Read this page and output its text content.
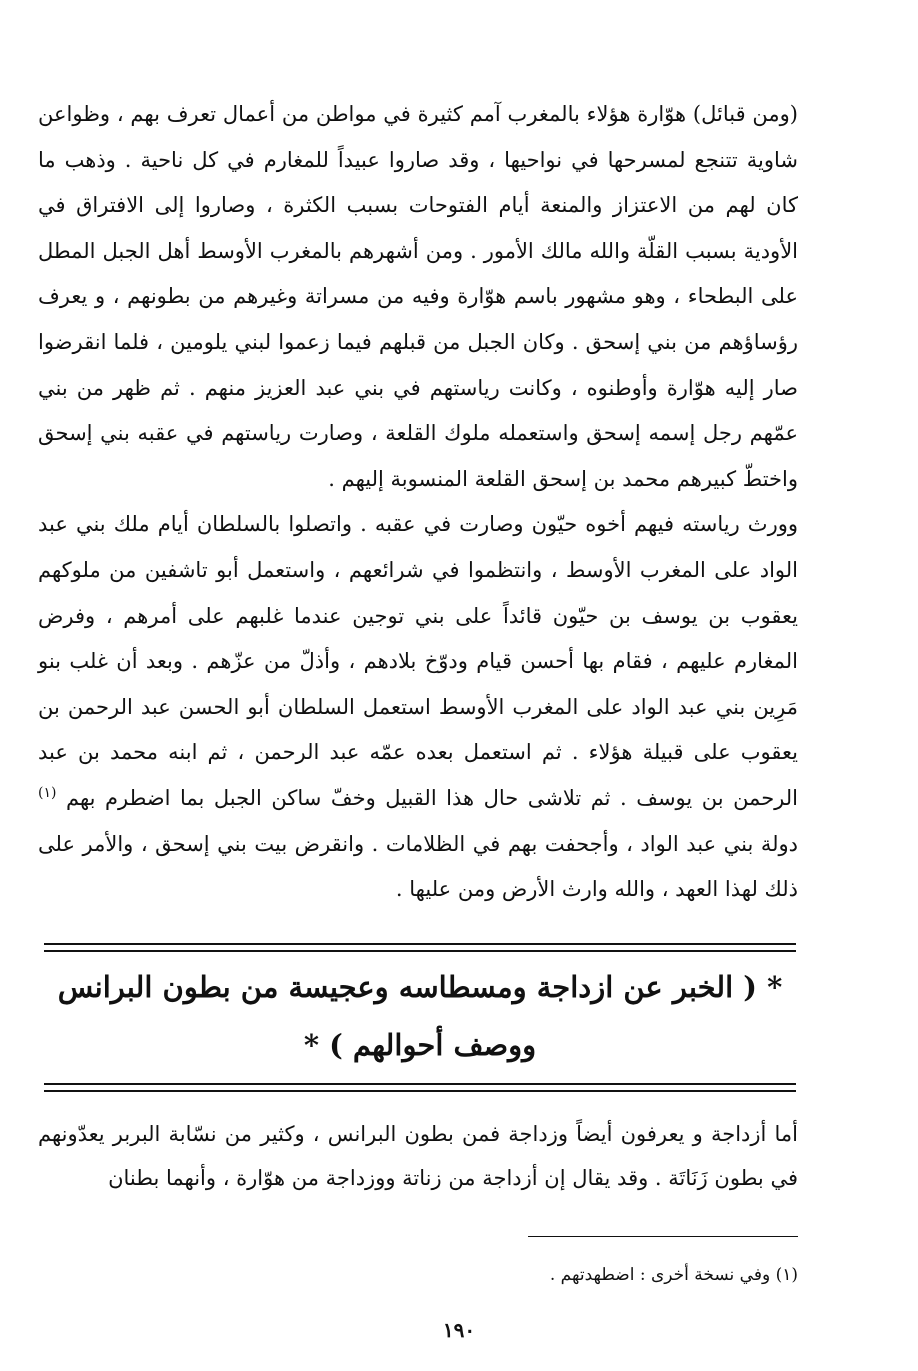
(ومن قبائل) هوّارة هؤلاء بالمغرب آمم كثيرة في مواطن من أعمال تعرف بهم ، وظواعن شاوية تتنجع لمسرحها في نواحيها ، وقد صاروا عبيداً للمغارم في كل ناحية . وذهب ما كان لهم من الاعتزاز والمنعة أيام الفتوحات بسبب الكثرة ، وصاروا إلى الافتراق في الأودية بسبب القلّة والله مالك الأمور . ومن أشهرهم بالمغرب الأوسط أهل الجبل المطل على البطحاء ، وهو مشهور باسم هوّارة وفيه من مسراتة وغيرهم من بطونهم ، و يعرف رؤساؤهم من بني إسحق . وكان الجبل من قبلهم فيما زعموا لبني يلومين ، فلما انقرضوا صار إليه هوّارة وأوطنوه ، وكانت رياستهم في بني عبد العزيز منهم . ثم ظهر من بني عمّهم رجل إسمه إسحق واستعمله ملوك القلعة ، وصارت رياستهم في عقبه بني إسحق واختطّ كبيرهم محمد بن إسحق القلعة المنسوبة إليهم .

وورث رياسته فيهم أخوه حيّون وصارت في عقبه . واتصلوا بالسلطان أيام ملك بني عبد الواد على المغرب الأوسط ، وانتظموا في شرائعهم ، واستعمل أبو تاشفين من ملوكهم يعقوب بن يوسف بن حيّون قائداً على بني توجين عندما غلبهم على أمرهم ، وفرض المغارم عليهم ، فقام بها أحسن قيام ودوّخ بلادهم ، وأذلّ من عزّهم . وبعد أن غلب بنو مَرِين بني عبد الواد على المغرب الأوسط استعمل السلطان أبو الحسن عبد الرحمن بن يعقوب على قبيلة هؤلاء . ثم استعمل بعده عمّه عبد الرحمن ، ثم ابنه محمد بن عبد الرحمن بن يوسف . ثم تلاشى حال هذا القبيل وخفّ ساكن الجبل بما اضطرم بهم $^{(١)}$ دولة بني عبد الواد ، وأجحفت بهم في الظلامات . وانقرض بيت بني إسحق ، والأمر على ذلك لهذا العهد ، والله وارث الأرض ومن عليها .

* ( الخبر عن ازداجة ومسطاسه وعجيسة من بطون البرانس ووصف أحوالهم ) *
أما أزداجة و يعرفون أيضاً وزداجة فمن بطون البرانس ، وكثير من نسّابة البربر يعدّونهم في بطون زَنَاتَة . وقد يقال إن أزداجة من زناتة ووزداجة من هوّارة ، وأنهما بطنان
(١) وفي نسخة أخرى : اضطهدتهم .
١٩٠
